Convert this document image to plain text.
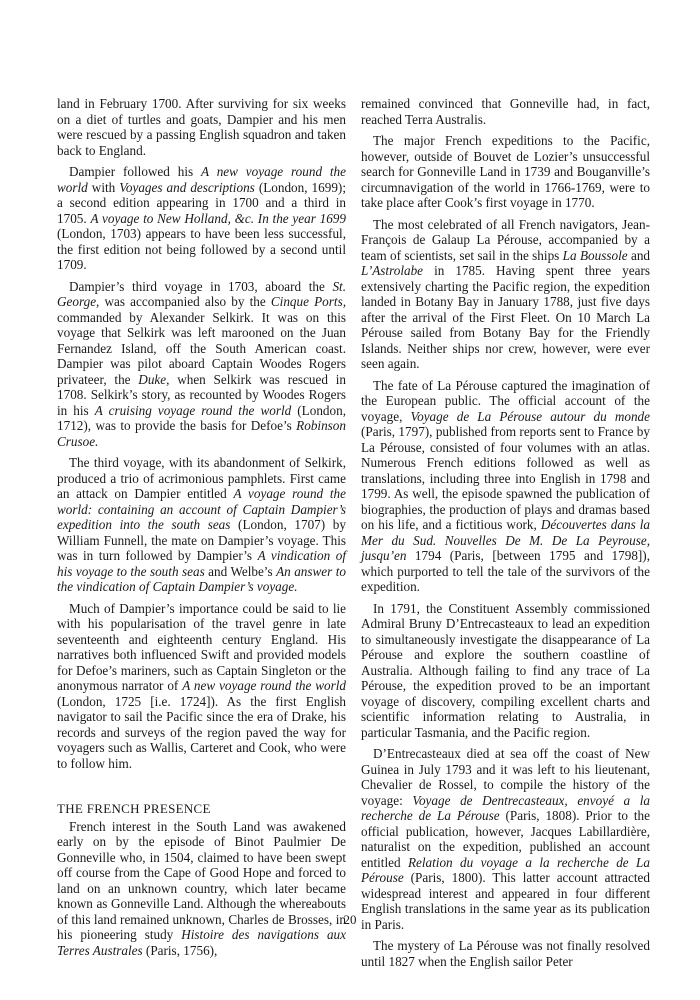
land in February 1700. After surviving for six weeks on a diet of turtles and goats, Dampier and his men were rescued by a passing English squadron and taken back to England.

Dampier followed his A new voyage round the world with Voyages and descriptions (London, 1699); a second edition appearing in 1700 and a third in 1705. A voyage to New Holland, &c. In the year 1699 (London, 1703) appears to have been less successful, the first edition not being followed by a second until 1709.

Dampier’s third voyage in 1703, aboard the St. George, was accompanied also by the Cinque Ports, commanded by Alexander Selkirk. It was on this voyage that Selkirk was left marooned on the Juan Fernandez Island, off the South American coast. Dampier was pilot aboard Captain Woodes Rogers privateer, the Duke, when Selkirk was rescued in 1708. Selkirk’s story, as recounted by Woodes Rogers in his A cruising voyage round the world (London, 1712), was to provide the basis for Defoe’s Robinson Crusoe.

The third voyage, with its abandonment of Selkirk, produced a trio of acrimonious pamphlets. First came an attack on Dampier entitled A voyage round the world: containing an account of Captain Dampier’s expedition into the south seas (London, 1707) by William Funnell, the mate on Dampier’s voyage. This was in turn followed by Dampier’s A vindication of his voyage to the south seas and Welbe’s An answer to the vindication of Captain Dampier’s voyage.

Much of Dampier’s importance could be said to lie with his popularisation of the travel genre in late seventeenth and eighteenth century England. His narratives both influenced Swift and provided models for Defoe’s mariners, such as Captain Singleton or the anonymous narrator of A new voyage round the world (London, 1725 [i.e. 1724]). As the first English navigator to sail the Pacific since the era of Drake, his records and surveys of the region paved the way for voyagers such as Wallis, Carteret and Cook, who were to follow him.

THE FRENCH PRESENCE

French interest in the South Land was awakened early on by the episode of Binot Paulmier De Gonneville who, in 1504, claimed to have been swept off course from the Cape of Good Hope and forced to land on an unknown country, which later became known as Gonneville Land. Although the whereabouts of this land remained unknown, Charles de Brosses, in his pioneering study Histoire des navigations aux Terres Australes (Paris, 1756),

remained convinced that Gonneville had, in fact, reached Terra Australis.

The major French expeditions to the Pacific, however, outside of Bouvet de Lozier’s unsuccessful search for Gonneville Land in 1739 and Bouganville’s circumnavigation of the world in 1766-1769, were to take place after Cook’s first voyage in 1770.

The most celebrated of all French navigators, Jean-François de Galaup La Pérouse, accompanied by a team of scientists, set sail in the ships La Boussole and L’Astrolabe in 1785. Having spent three years extensively charting the Pacific region, the expedition landed in Botany Bay in January 1788, just five days after the arrival of the First Fleet. On 10 March La Pérouse sailed from Botany Bay for the Friendly Islands. Neither ships nor crew, however, were ever seen again.

The fate of La Pérouse captured the imagination of the European public. The official account of the voyage, Voyage de La Pérouse autour du monde (Paris, 1797), published from reports sent to France by La Pérouse, consisted of four volumes with an atlas. Numerous French editions followed as well as translations, including three into English in 1798 and 1799. As well, the episode spawned the publication of biographies, the production of plays and dramas based on his life, and a fictitious work, Découvertes dans la Mer du Sud. Nouvelles De M. De La Peyrouse, jusqu’en 1794 (Paris, [between 1795 and 1798]), which purported to tell the tale of the survivors of the expedition.

In 1791, the Constituent Assembly commissioned Admiral Bruny D’Entrecasteaux to lead an expedition to simultaneously investigate the disappearance of La Pérouse and explore the southern coastline of Australia. Although failing to find any trace of La Pérouse, the expedition proved to be an important voyage of discovery, compiling excellent charts and scientific information relating to Australia, in particular Tasmania, and the Pacific region.

D’Entrecasteaux died at sea off the coast of New Guinea in July 1793 and it was left to his lieutenant, Chevalier de Rossel, to compile the history of the voyage: Voyage de Dentrecasteaux, envoyé a la recherche de La Pérouse (Paris, 1808). Prior to the official publication, however, Jacques Labillardière, naturalist on the expedition, published an account entitled Relation du voyage a la recherche de La Pérouse (Paris, 1800). This latter account attracted widespread interest and appeared in four different English translations in the same year as its publication in Paris.

The mystery of La Pérouse was not finally resolved until 1827 when the English sailor Peter

20
